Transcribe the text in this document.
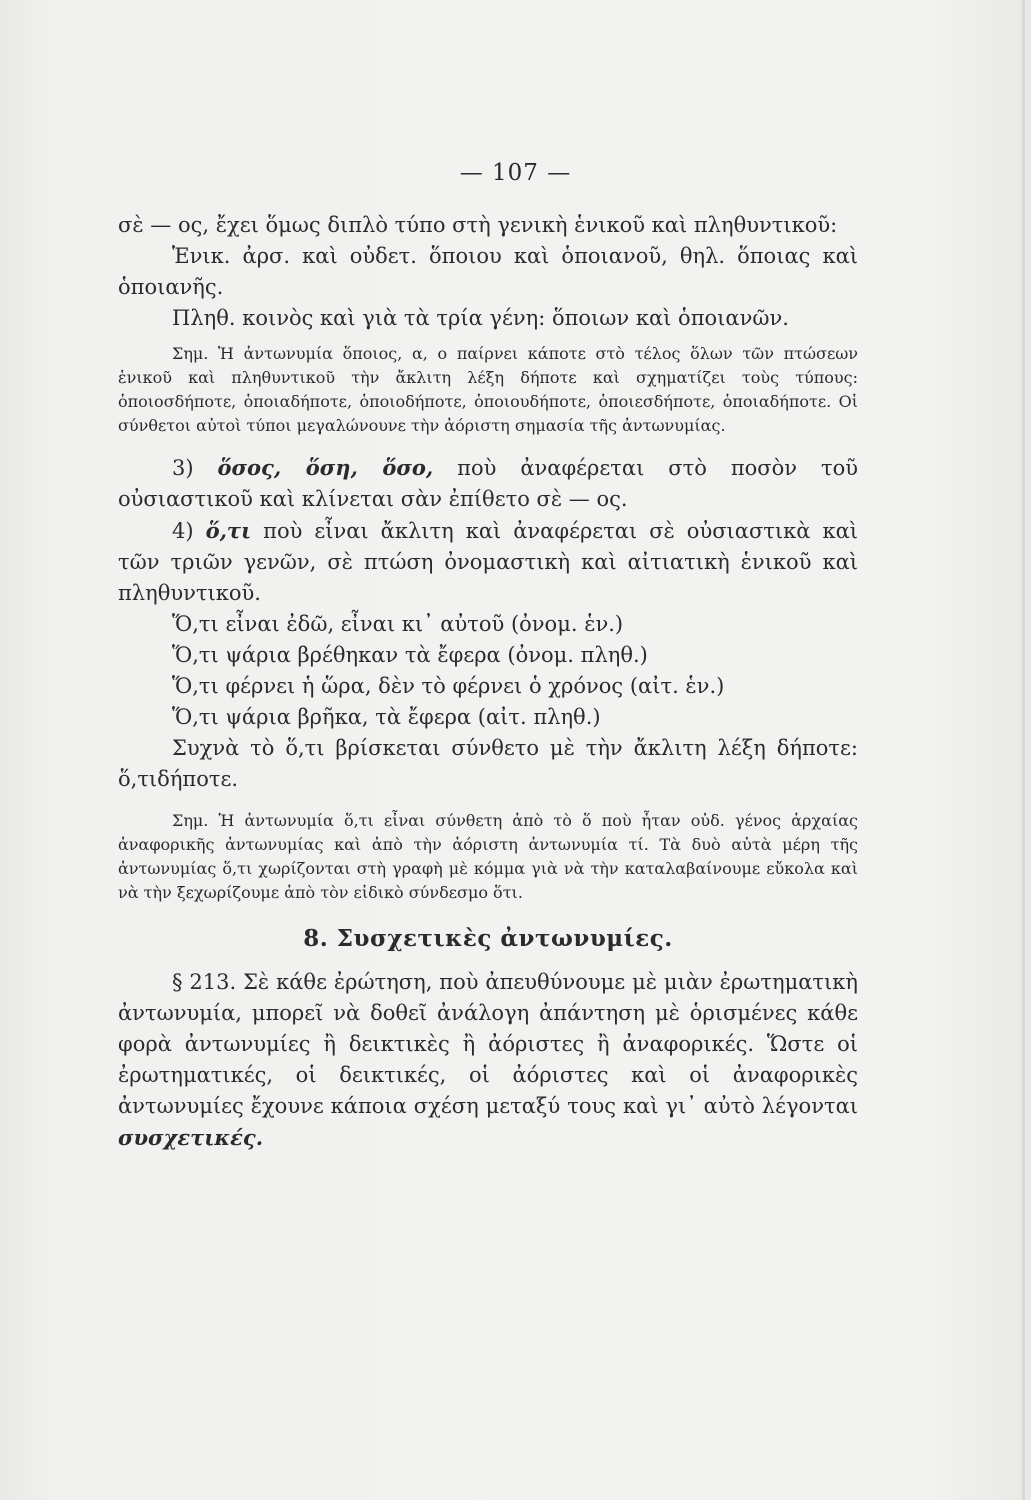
— 107 —

σὲ — ος, ἔχει ὅμως διπλὸ τύπο στὴ γενικὴ ἑνικοῦ καὶ πληθυντικοῦ:

Ἑνικ. ἀρσ. καὶ οὐδετ. ὅποιου καὶ ὁποιανοῦ, θηλ. ὅποιας καὶ ὁποιανῆς.

Πληθ. κοινὸς καὶ γιὰ τὰ τρία γένη: ὅποιων καὶ ὁποιανῶν.

Σημ. Ἡ ἀντωνυμία ὅποιος, α, ο παίρνει κάποτε στὸ τέλος ὅλων τῶν πτώσεων ἑνικοῦ καὶ πληθυντικοῦ τὴν ἄκλιτη λέξη δήποτε καὶ σχηματίζει τοὺς τύπους: ὁποιοσδήποτε, ὁποιαδήποτε, ὁποιοδήποτε, ὁποιουδήποτε, ὁποιεσδήποτε, ὁποιαδήποτε. Οἱ σύνθετοι αὐτοὶ τύποι μεγαλώνουνε τὴν ἀόριστη σημασία τῆς ἀντωνυμίας.

3) ὅσος, ὅση, ὅσο, ποὺ ἀναφέρεται στὸ ποσὸν τοῦ οὐσιαστικοῦ καὶ κλίνεται σὰν ἐπίθετο σὲ — ος.

4) ὅ,τι ποὺ εἶναι ἄκλιτη καὶ ἀναφέρεται σὲ οὐσιαστικὰ καὶ τῶν τριῶν γενῶν, σὲ πτώση ὀνομαστικὴ καὶ αἰτιατικὴ ἑνικοῦ καὶ πληθυντικοῦ.

Ὅ,τι εἶναι ἐδῶ, εἶναι κι᾽ αὐτοῦ (ὀνομ. ἑν.)

Ὅ,τι ψάρια βρέθηκαν τὰ ἔφερα (ὀνομ. πληθ.)

Ὅ,τι φέρνει ἡ ὥρα, δὲν τὸ φέρνει ὁ χρόνος (αἰτ. ἑν.)

Ὅ,τι ψάρια βρῆκα, τὰ ἔφερα (αἰτ. πληθ.)

Συχνὰ τὸ ὅ,τι βρίσκεται σύνθετο μὲ τὴν ἄκλιτη λέξη δήποτε: ὅ,τιδήποτε.

Σημ. Ἡ ἀντωνυμία ὅ,τι εἶναι σύνθετη ἀπὸ τὸ ὅ ποὺ ἦταν οὐδ. γένος ἀρχαίας ἀναφορικῆς ἀντωνυμίας καὶ ἀπὸ τὴν ἀόριστη ἀντωνυμία τί. Τὰ δυὸ αὐτὰ μέρη τῆς ἀντωνυμίας ὅ,τι χωρίζονται στὴ γραφὴ μὲ κόμμα γιὰ νὰ τὴν καταλαβαίνουμε εὔκολα καὶ νὰ τὴν ξεχωρίζουμε ἀπὸ τὸν εἰδικὸ σύνδεσμο ὅτι.

8. Συσχετικὲς ἀντωνυμίες.

§ 213. Σὲ κάθε ἐρώτηση, ποὺ ἀπευθύνουμε μὲ μιὰν ἐρωτηματικὴ ἀντωνυμία, μπορεῖ νὰ δοθεῖ ἀνάλογη ἀπάντηση μὲ ὁρισμένες κάθε φορὰ ἀντωνυμίες ἢ δεικτικὲς ἢ ἀόριστες ἢ ἀναφορικές. Ὥστε οἱ ἐρωτηματικές, οἱ δεικτικές, οἱ ἀόριστες καὶ οἱ ἀναφορικὲς ἀντωνυμίες ἔχουνε κάποια σχέση μεταξύ τους καὶ γι᾽ αὐτὸ λέγονται συσχετικές.
